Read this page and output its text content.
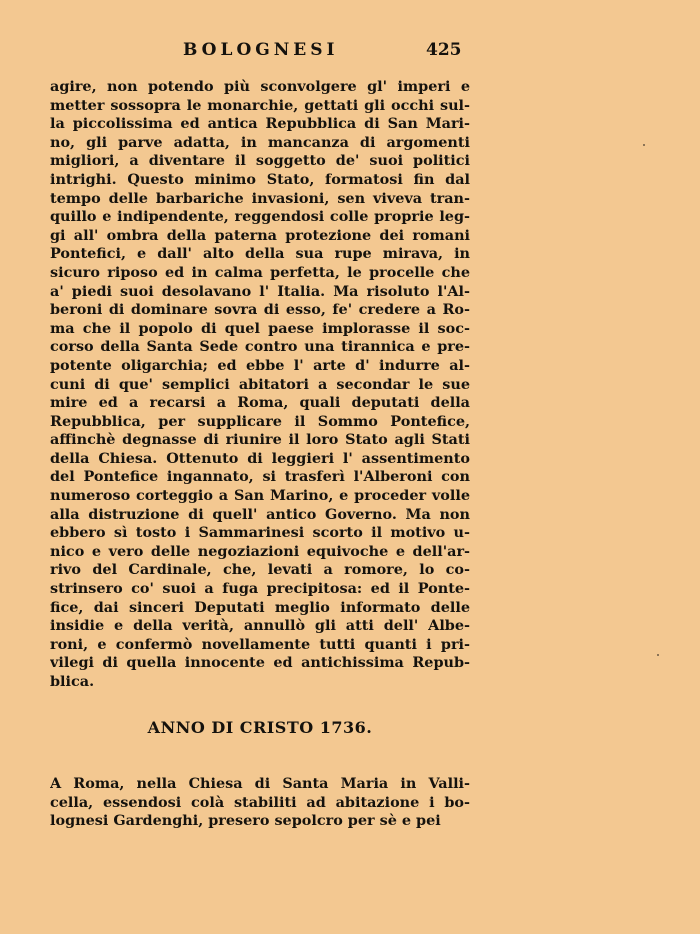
BOLOGNESI	425
agire, non potendo più sconvolgere gl' imperi e
metter sossopra le monarchie, gettati gli occhi sul-
la piccolissima ed antica Repubblica di San Mari-
no, gli parve adatta, in mancanza di argomenti
migliori, a diventare il soggetto de' suoi politici
intrighi. Questo minimo Stato, formatosi fin dal
tempo delle barbariche invasioni, sen viveva tran-
quillo e indipendente, reggendosi colle proprie leg-
gi all' ombra della paterna protezione dei romani
Pontefici, e dall' alto della sua rupe mirava, in
sicuro riposo ed in calma perfetta, le procelle che
a' piedi suoi desolavano l' Italia. Ma risoluto l'Al-
beroni di dominare sovra di esso, fe' credere a Ro-
ma che il popolo di quel paese implorasse il soc-
corso della Santa Sede contro una tirannica e pre-
potente oligarchia; ed ebbe l' arte d' indurre al-
cuni di que' semplici abitatori a secondar le sue
mire ed a recarsi a Roma, quali deputati della
Repubblica, per supplicare il Sommo Pontefice,
affinchè degnasse di riunire il loro Stato agli Stati
della Chiesa. Ottenuto di leggieri l' assentimento
del Pontefice ingannato, si trasferì l'Alberoni con
numeroso corteggio a San Marino, e proceder volle
alla distruzione di quell' antico Governo. Ma non
ebbero sì tosto i Sammarinesi scorto il motivo u-
nico e vero delle negoziazioni equivoche e dell'ar-
rivo del Cardinale, che, levati a romore, lo co-
strinsero co' suoi a fuga precipitosa: ed il Ponte-
fice, dai sinceri Deputati meglio informato delle
insidie e della verità, annullò gli atti dell' Albe-
roni, e confermò novellamente tutti quanti i pri-
vilegi di quella innocente ed antichissima Repub-
blica.
ANNO DI CRISTO 1736.
A Roma, nella Chiesa di Santa Maria in Valli-
cella, essendosi colà stabiliti ad abitazione i bo-
lognesi Gardenghi, presero sepolcro per sè e pei
